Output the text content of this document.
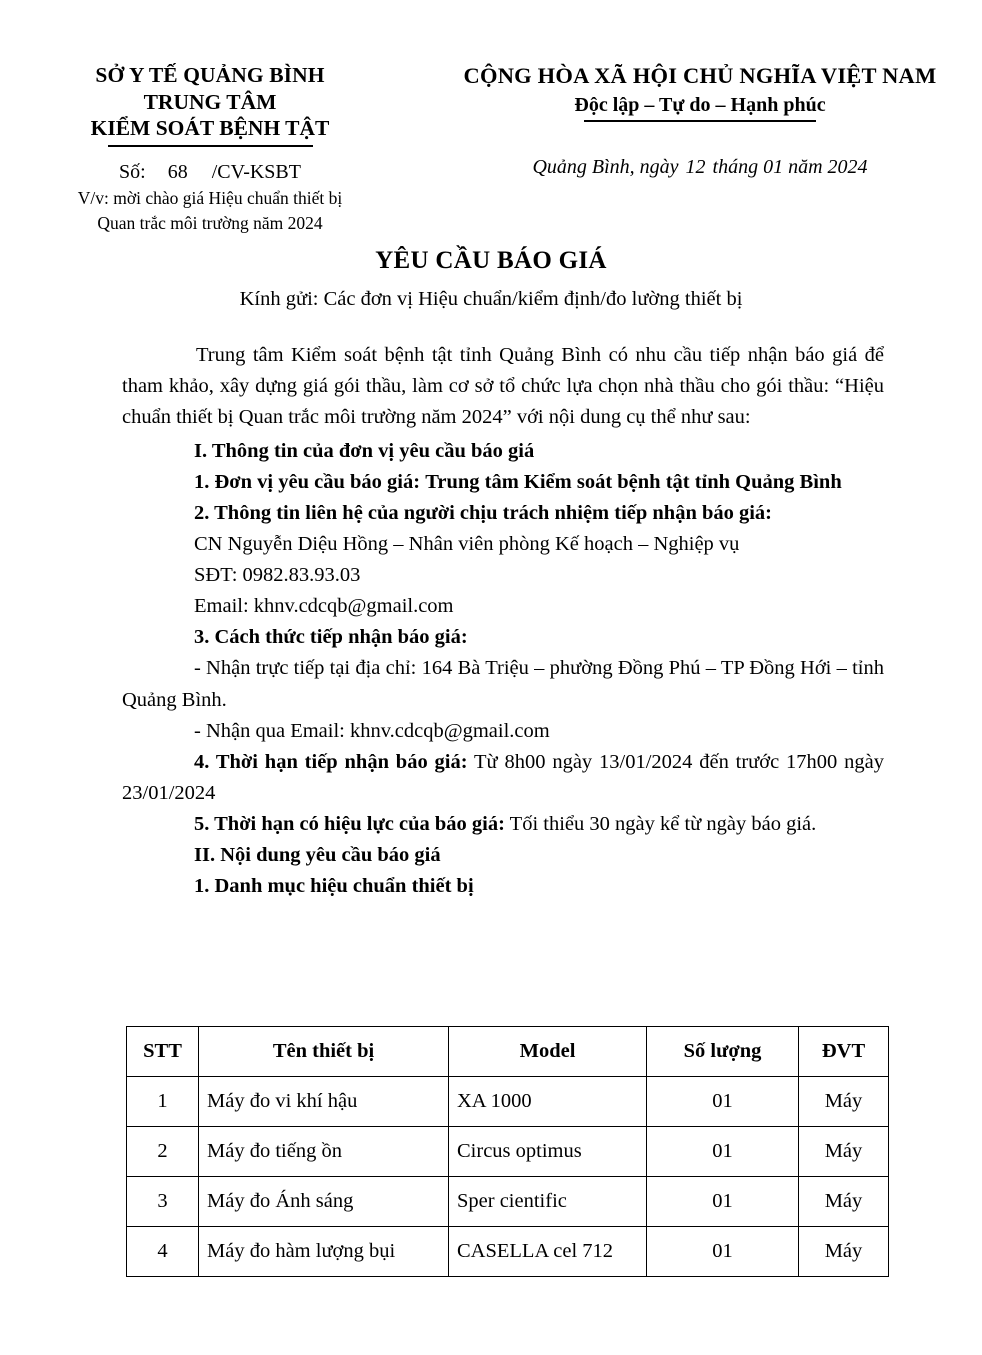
SỞ Y TẾ QUẢNG BÌNH
TRUNG TÂM
KIỂM SOÁT BỆNH TẬT
Số: 68 /CV-KSBT
V/v: mời chào giá Hiệu chuẩn thiết bị
Quan trắc môi trường năm 2024
CỘNG HÒA XÃ HỘI CHỦ NGHĨA VIỆT NAM
Độc lập – Tự do – Hạnh phúc
Quảng Bình, ngày 12 tháng 01 năm 2024
YÊU CẦU BÁO GIÁ
Kính gửi: Các đơn vị Hiệu chuẩn/kiểm định/đo lường thiết bị

Trung tâm Kiểm soát bệnh tật tỉnh Quảng Bình có nhu cầu tiếp nhận báo giá để tham khảo, xây dựng giá gói thầu, làm cơ sở tổ chức lựa chọn nhà thầu cho gói thầu: “Hiệu chuẩn thiết bị Quan trắc môi trường năm 2024” với nội dung cụ thể như sau:

I. Thông tin của đơn vị yêu cầu báo giá

1. Đơn vị yêu cầu báo giá: Trung tâm Kiểm soát bệnh tật tỉnh Quảng Bình

2. Thông tin liên hệ của người chịu trách nhiệm tiếp nhận báo giá:

CN Nguyễn Diệu Hồng – Nhân viên phòng Kế hoạch – Nghiệp vụ

SĐT: 0982.83.93.03

Email: khnv.cdcqb@gmail.com

3. Cách thức tiếp nhận báo giá:

- Nhận trực tiếp tại địa chỉ: 164 Bà Triệu – phường Đồng Phú – TP Đồng Hới – tỉnh Quảng Bình.

- Nhận qua Email: khnv.cdcqb@gmail.com

4. Thời hạn tiếp nhận báo giá: Từ 8h00 ngày 13/01/2024 đến trước 17h00 ngày 23/01/2024

5. Thời hạn có hiệu lực của báo giá: Tối thiểu 30 ngày kể từ ngày báo giá.

II. Nội dung yêu cầu báo giá

1. Danh mục hiệu chuẩn thiết bị

STT	Tên thiết bị	Model	Số lượng	ĐVT
1	Máy đo vi khí hậu	XA 1000	01	Máy
2	Máy đo tiếng ồn	Circus optimus	01	Máy
3	Máy đo Ánh sáng	Sper cientific	01	Máy
4	Máy đo hàm lượng bụi	CASELLA cel 712	01	Máy
